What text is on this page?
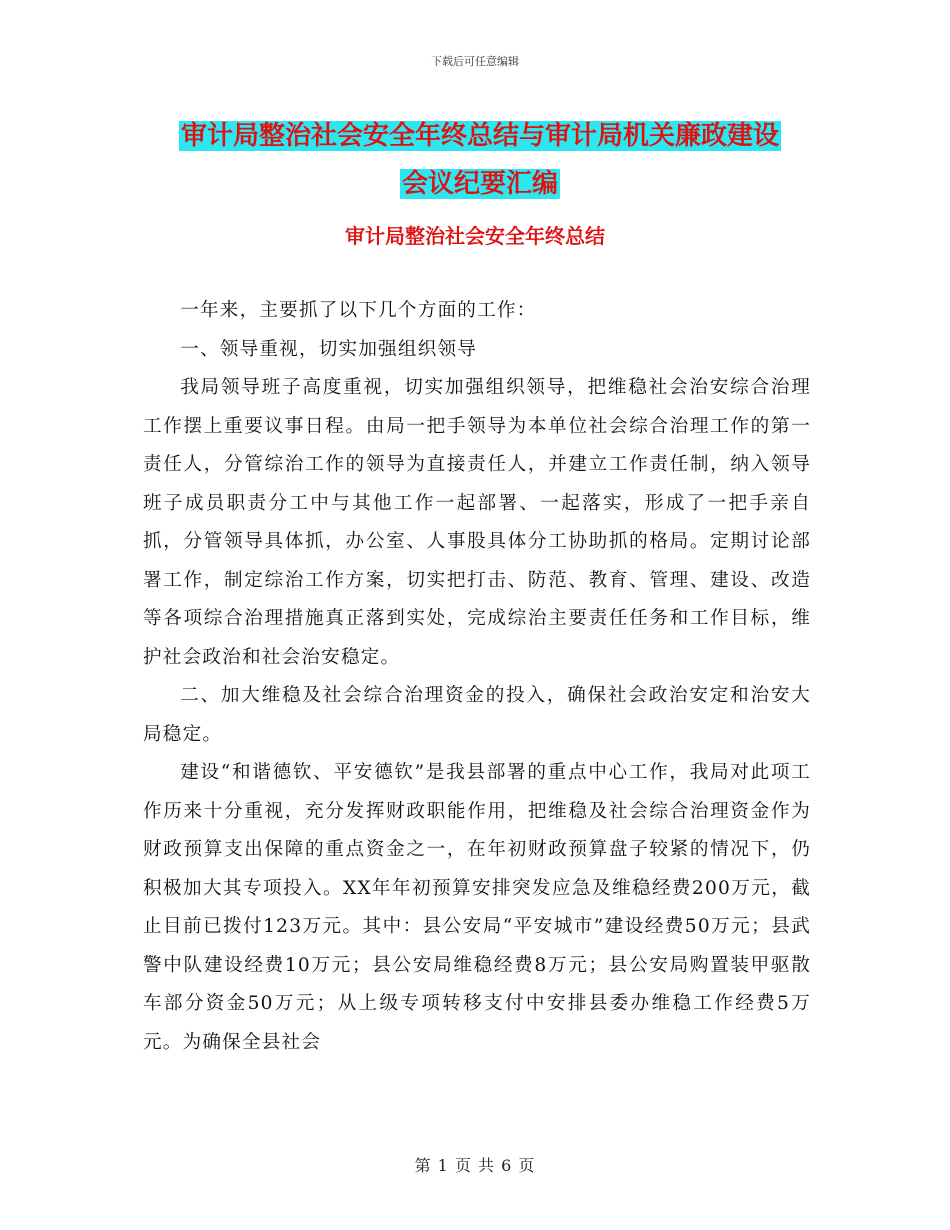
下载后可任意编辑
审计局整治社会安全年终总结与审计局机关廉政建设
会议纪要汇编
审计局整治社会安全年终总结

一年来，主要抓了以下几个方面的工作：

一、领导重视，切实加强组织领导

我局领导班子高度重视，切实加强组织领导，把维稳社会治安综合治理工作摆上重要议事日程。由局一把手领导为本单位社会综合治理工作的第一责任人，分管综治工作的领导为直接责任人，并建立工作责任制，纳入领导班子成员职责分工中与其他工作一起部署、一起落实，形成了一把手亲自抓，分管领导具体抓，办公室、人事股具体分工协助抓的格局。定期讨论部署工作，制定综治工作方案，切实把打击、防范、教育、管理、建设、改造等各项综合治理措施真正落到实处，完成综治主要责任任务和工作目标，维护社会政治和社会治安稳定。

二、加大维稳及社会综合治理资金的投入，确保社会政治安定和治安大局稳定。

建设“和谐德钦、平安德钦”是我县部署的重点中心工作，我局对此项工作历来十分重视，充分发挥财政职能作用，把维稳及社会综合治理资金作为财政预算支出保障的重点资金之一，在年初财政预算盘子较紧的情况下，仍积极加大其专项投入。XX年年初预算安排突发应急及维稳经费200万元，截止目前已拨付123万元。其中：县公安局“平安城市”建设经费50万元；县武警中队建设经费10万元；县公安局维稳经费8万元；县公安局购置装甲驱散车部分资金50万元；从上级专项转移支付中安排县委办维稳工作经费5万元。为确保全县社会

第 1 页 共 6 页
